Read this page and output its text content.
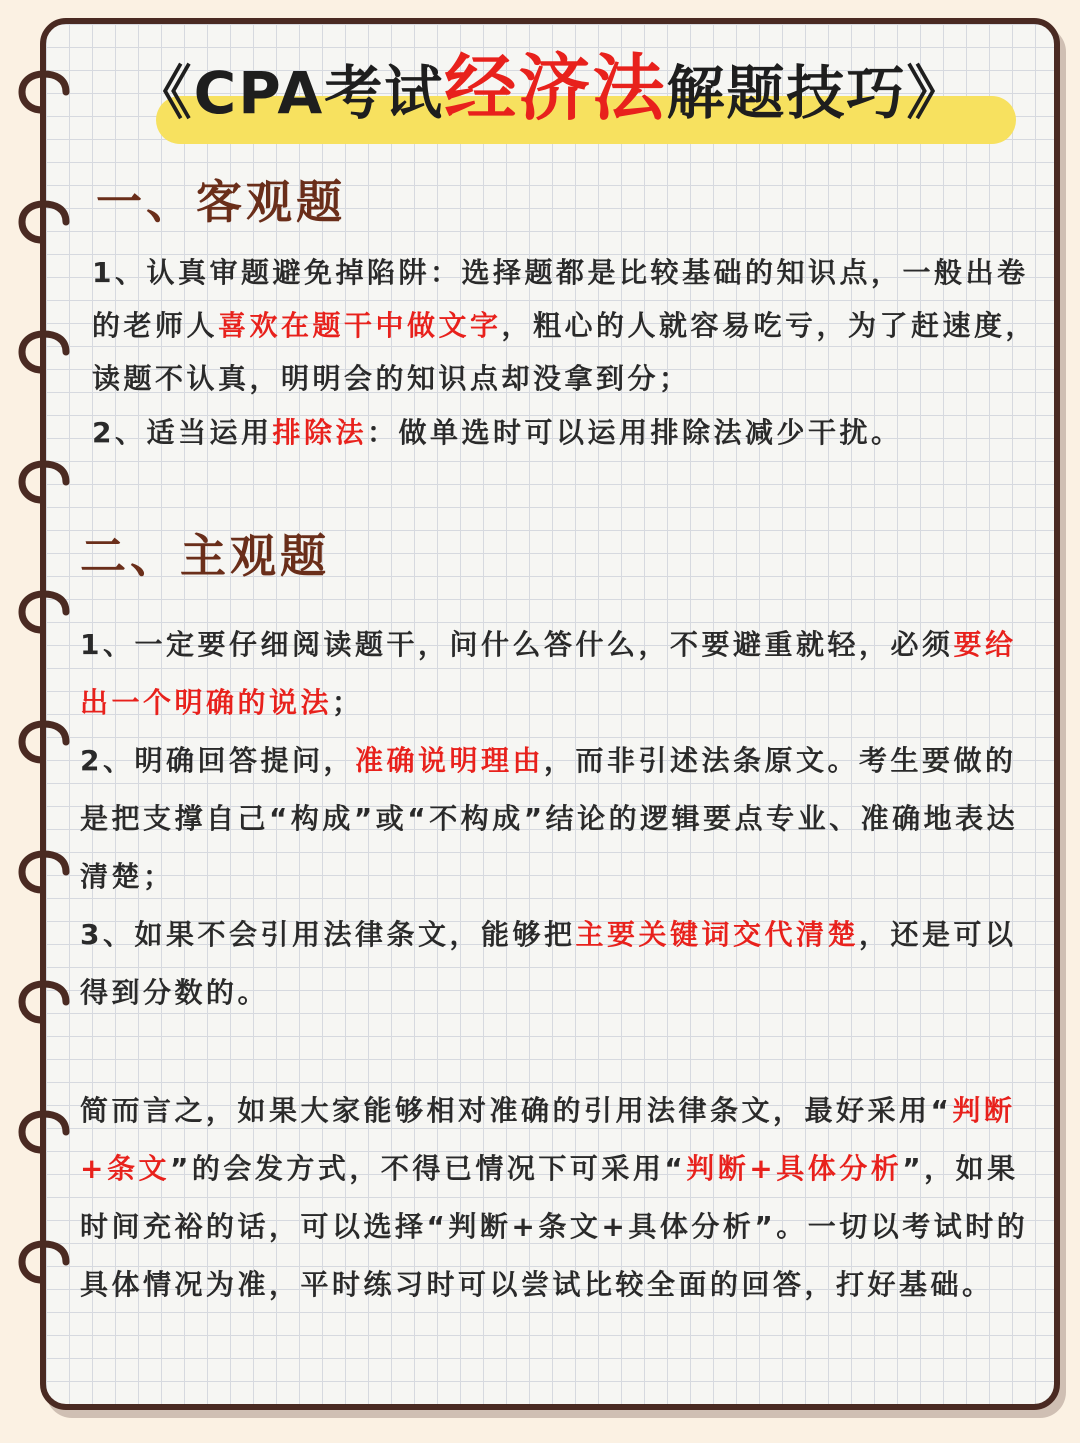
《CPA考试经济法解题技巧》
一、客观题

1、认真审题避免掉陷阱：选择题都是比较基础的知识点，一般出卷的老师人喜欢在题干中做文字，粗心的人就容易吃亏，为了赶速度，读题不认真，明明会的知识点却没拿到分；

2、适当运用排除法：做单选时可以运用排除法减少干扰。

二、主观题

1、一定要仔细阅读题干，问什么答什么，不要避重就轻，必须要给出一个明确的说法；

2、明确回答提问，准确说明理由，而非引述法条原文。考生要做的是把支撑自己“构成”或“不构成”结论的逻辑要点专业、准确地表达清楚；

3、如果不会引用法律条文，能够把主要关键词交代清楚，还是可以得到分数的。

简而言之，如果大家能够相对准确的引用法律条文，最好采用“判断+条文”的会发方式，不得已情况下可采用“判断+具体分析”，如果时间充裕的话，可以选择“判断+条文+具体分析”。一切以考试时的具体情况为准，平时练习时可以尝试比较全面的回答，打好基础。
